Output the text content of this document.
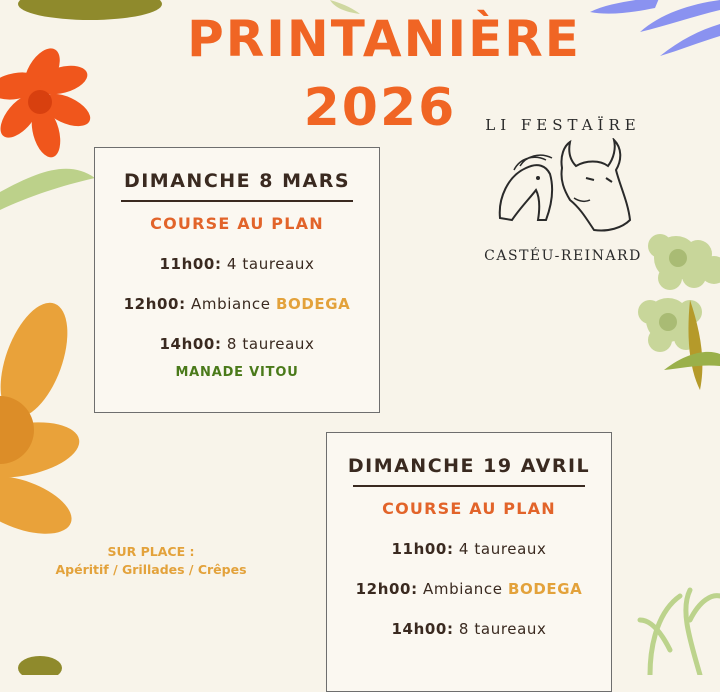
PRINTANIÈRE
2026	LI FESTAÏRE
CASTÉU-REINARD
DIMANCHE 8 MARS
COURSE AU PLAN
11h00: 4 taureaux
12h00: Ambiance BODEGA
14h00: 8 taureaux
MANADE VITOU
DIMANCHE 19 AVRIL
COURSE AU PLAN
11h00: 4 taureaux
12h00: Ambiance BODEGA
14h00: 8 taureaux
SUR PLACE :
Apéritif / Grillades / Crêpes
